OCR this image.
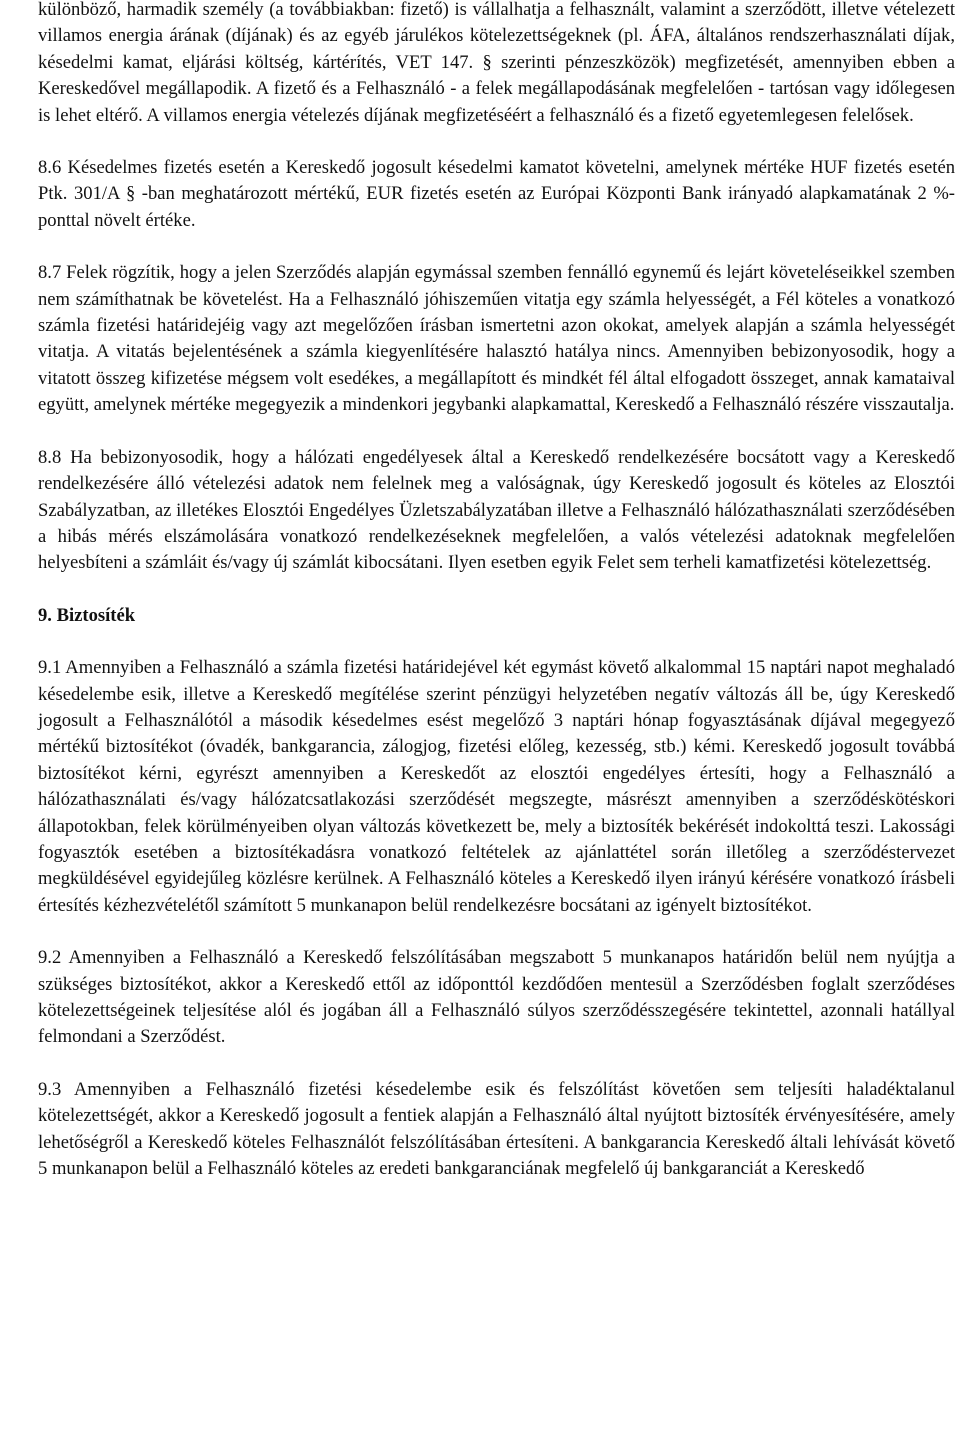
különböző, harmadik személy (a továbbiakban: fizető) is vállalhatja a felhasznált, valamint a szerződött, illetve vételezett villamos energia árának (díjának) és az egyéb járulékos kötelezettségeknek (pl. ÁFA, általános rendszerhasználati díjak, késedelmi kamat, eljárási költség, kártérítés, VET 147. § szerinti pénzeszközök) megfizetését, amennyiben ebben a Kereskedővel megállapodik. A fizető és a Felhasználó - a felek megállapodásának megfelelően - tartósan vagy időlegesen is lehet eltérő. A villamos energia vételezés díjának megfizetéséért a felhasználó és a fizető egyetemlegesen felelősek.

8.6 Késedelmes fizetés esetén a Kereskedő jogosult késedelmi kamatot követelni, amelynek mértéke HUF fizetés esetén Ptk. 301/A § -ban meghatározott mértékű, EUR fizetés esetén az Európai Központi Bank irányadó alapkamatának 2 %-ponttal növelt értéke.

8.7 Felek rögzítik, hogy a jelen Szerződés alapján egymással szemben fennálló egynemű és lejárt követeléseikkel szemben nem számíthatnak be követelést. Ha a Felhasználó jóhiszeműen vitatja egy számla helyességét, a Fél köteles a vonatkozó számla fizetési határidejéig vagy azt megelőzően írásban ismertetni azon okokat, amelyek alapján a számla helyességét vitatja. A vitatás bejelentésének a számla kiegyenlítésére halasztó hatálya nincs. Amennyiben bebizonyosodik, hogy a vitatott összeg kifizetése mégsem volt esedékes, a megállapított és mindkét fél által elfogadott összeget, annak kamataival együtt, amelynek mértéke megegyezik a mindenkori jegybanki alapkamattal, Kereskedő a Felhasználó részére visszautalja.

8.8 Ha bebizonyosodik, hogy a hálózati engedélyesek által a Kereskedő rendelkezésére bocsátott vagy a Kereskedő rendelkezésére álló vételezési adatok nem felelnek meg a valóságnak, úgy Kereskedő jogosult és köteles az Elosztói Szabályzatban, az illetékes Elosztói Engedélyes Üzletszabályzatában illetve a Felhasználó hálózathasználati szerződésében a hibás mérés elszámolására vonatkozó rendelkezéseknek megfelelően, a valós vételezési adatoknak megfelelően helyesbíteni a számláit és/vagy új számlát kibocsátani. Ilyen esetben egyik Felet sem terheli kamatfizetési kötelezettség.

9. Biztosíték

9.1 Amennyiben a Felhasználó a számla fizetési határidejével két egymást követő alkalommal 15 naptári napot meghaladó késedelembe esik, illetve a Kereskedő megítélése szerint pénzügyi helyzetében negatív változás áll be, úgy Kereskedő jogosult a Felhasználótól a második késedelmes esést megelőző 3 naptári hónap fogyasztásának díjával megegyező mértékű biztosítékot (óvadék, bankgarancia, zálogjog, fizetési előleg, kezesség, stb.) kémi. Kereskedő jogosult továbbá biztosítékot kérni, egyrészt amennyiben a Kereskedőt az elosztói engedélyes értesíti, hogy a Felhasználó a hálózathasználati és/vagy hálózatcsatlakozási szerződését megszegte, másrészt amennyiben a szerződéskötéskori állapotokban, felek körülményeiben olyan változás következett be, mely a biztosíték bekérését indokolttá teszi. Lakossági fogyasztók esetében a biztosítékadásra vonatkozó feltételek az ajánlattétel során illetőleg a szerződéstervezet megküldésével egyidejűleg közlésre kerülnek. A Felhasználó köteles a Kereskedő ilyen irányú kérésére vonatkozó írásbeli értesítés kézhezvételétől számított 5 munkanapon belül rendelkezésre bocsátani az igényelt biztosítékot.

9.2 Amennyiben a Felhasználó a Kereskedő felszólításában megszabott 5 munkanapos határidőn belül nem nyújtja a szükséges biztosítékot, akkor a Kereskedő ettől az időponttól kezdődően mentesül a Szerződésben foglalt szerződéses kötelezettségeinek teljesítése alól és jogában áll a Felhasználó súlyos szerződésszegésére tekintettel, azonnali hatállyal felmondani a Szerződést.

9.3 Amennyiben a Felhasználó fizetési késedelembe esik és felszólítást követően sem teljesíti haladéktalanul kötelezettségét, akkor a Kereskedő jogosult a fentiek alapján a Felhasználó által nyújtott biztosíték érvényesítésére, amely lehetőségről a Kereskedő köteles Felhasználót felszólításában értesíteni. A bankgarancia Kereskedő általi lehívását követő 5 munkanapon belül a Felhasználó köteles az eredeti bankgaranciának megfelelő új bankgaranciát a Kereskedő
